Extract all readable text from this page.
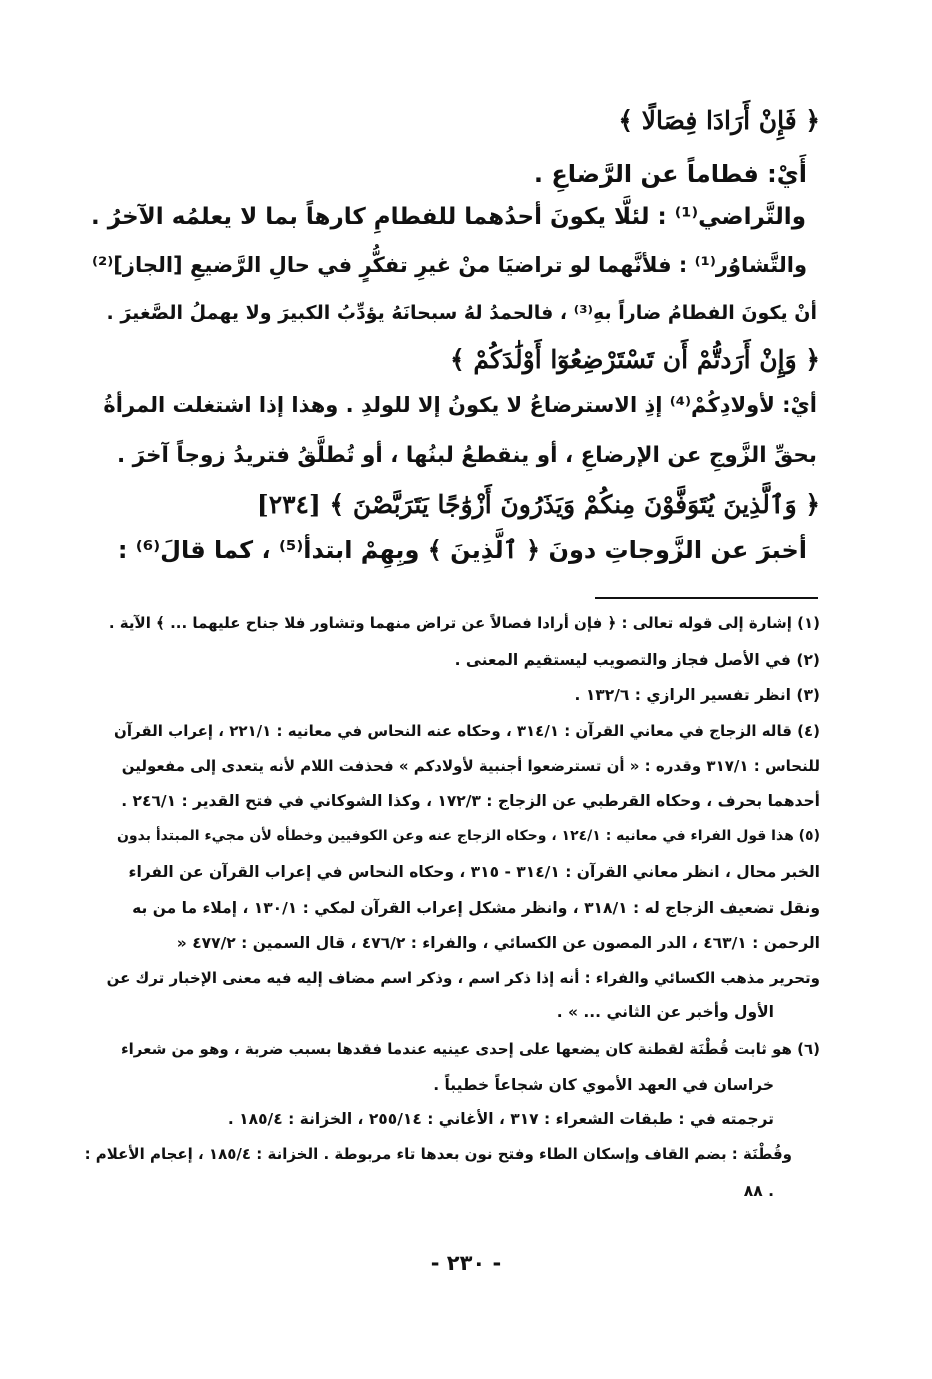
﴿ فَإِنْ أَرَادَا فِصَالًا ﴾
أَيْ: فطاماً عن الرَّضاعِ .
والتَّراضي⁽¹⁾ : لئلَّا يكونَ أحدُهما للفطامِ كارهاً بما لا يعلمُه الآخرُ .
والتَّشاوُر⁽¹⁾ : فلأنَّهما لو تراضيَا منْ غيرِ تفكُّرٍ في حالِ الرَّضيعِ [الجاز]⁽²⁾
أنْ يكونَ الفطامُ ضاراً بهِ⁽³⁾ ، فالحمدُ لهُ سبحانَهُ يؤدِّبُ الكبيرَ ولا يهملُ الصَّغيرَ .
﴿ وَإِنْ أَرَدتُّمْ أَن تَسْتَرْضِعُوٓا أَوْلَٰدَكُمْ ﴾
أيْ: لأولادِكُمْ⁽⁴⁾ إذِ الاسترضاعُ لا يكونُ إلا للولدِ . وهذا إذا اشتغلت المرأةُ
بحقِّ الزَّوجِ عن الإرضاعِ ، أو ينقطعُ لبنُها ، أو تُطلَّقُ فتريدُ زوجاً آخرَ .
﴿ وَٱلَّذِينَ يُتَوَفَّوْنَ مِنكُمْ وَيَذَرُونَ أَزْوَٰجًا يَتَرَبَّصْنَ ﴾ [٢٣٤]
أخبرَ عن الزَّوجاتِ دونَ ﴿ ٱلَّذِينَ ﴾ وبِهِمْ ابتدأ⁽⁵⁾ ، كما قالَ⁽⁶⁾ :
(١) إشارة إلى قوله تعالى : ﴿ فإن أرادا فصالاً عن تراض منهما وتشاور فلا جناح عليهما ... ﴾ الآية .
(٢) في الأصل فجاز والتصويب ليستقيم المعنى .
(٣) انظر تفسير الرازي : ١٣٢/٦ .
(٤) قاله الزجاج في معاني القرآن : ٣١٤/١ ، وحكاه عنه النحاس في معانيه : ٢٢١/١ ، إعراب القرآن
للنحاس : ٣١٧/١ وقدره : « أن تسترضعوا أجنبية لأولادكم » فحذفت اللام لأنه يتعدى إلى مفعولين
أحدهما بحرف ، وحكاه القرطبي عن الزجاج : ١٧٢/٣ ، وكذا الشوكاني في فتح القدير : ٢٤٦/١ .
(٥) هذا قول الفراء في معانيه : ١٢٤/١ ، وحكاه الزجاج عنه وعن الكوفيين وخطأه لأن مجيء المبتدأ بدون
الخبر محال ، انظر معاني القرآن : ٣١٤/١ - ٣١٥ ، وحكاه النحاس في إعراب القرآن عن الفراء
ونقل تضعيف الزجاج له : ٣١٨/١ ، وانظر مشكل إعراب القرآن لمكي : ١٣٠/١ ، إملاء ما من به
الرحمن : ٤٦٣/١ ، الدر المصون عن الكسائي ، والفراء : ٤٧٦/٢ ، قال السمين : ٤٧٧/٢ «
وتحرير مذهب الكسائي والفراء : أنه إذا ذكر اسم ، وذكر اسم مضاف إليه فيه معنى الإخبار ترك عن
الأول وأخبر عن الثاني ... » .
(٦) هو ثابت قُطْنَة لقطنة كان يضعها على إحدى عينيه عندما فقدها بسبب ضربة ، وهو من شعراء
خراسان في العهد الأموي كان شجاعاً خطيباً .
ترجمته في : طبقات الشعراء : ٣١٧ ، الأغاني : ٢٥٥/١٤ ، الخزانة : ١٨٥/٤ .
وقُطْنَة : بضم القاف وإسكان الطاء وفتح نون بعدها تاء مربوطة . الخزانة : ١٨٥/٤ ، إعجام الأعلام :
٨٨ .
- ٢٣٠ -
